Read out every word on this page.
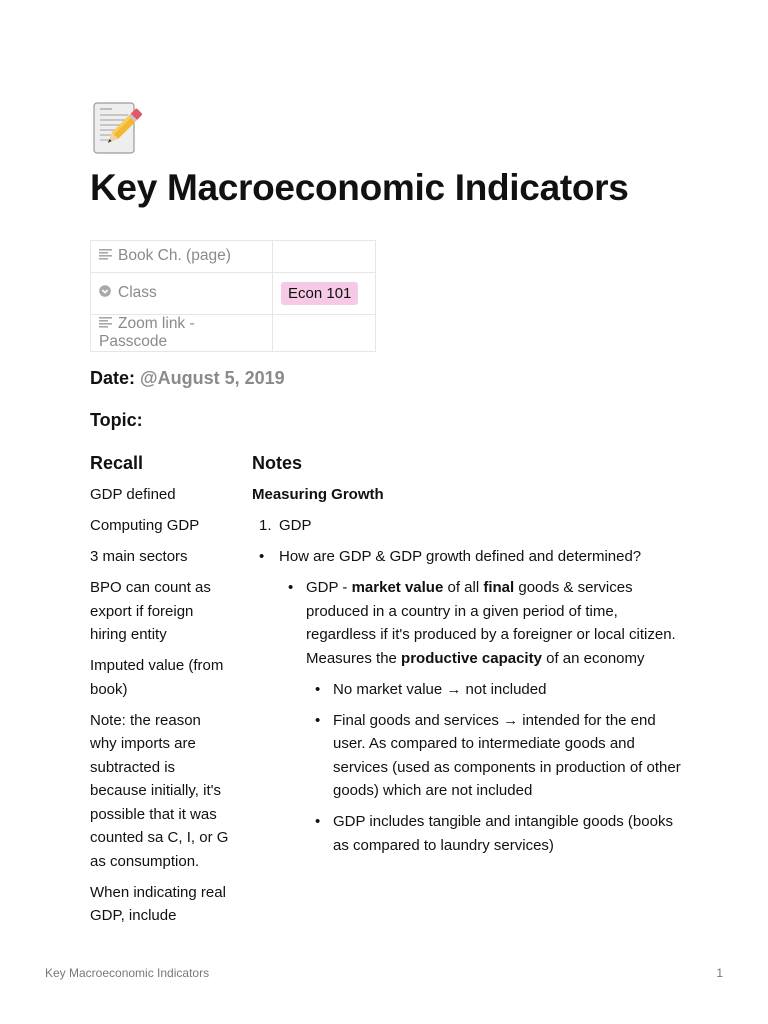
Key Macroeconomic Indicators
Book Ch. (page)	
Class	Econ 101
Zoom link - Passcode	
Date: @August 5, 2019
Topic:
Recall
GDP defined
Computing GDP
3 main sectors
BPO can count as export if foreign hiring entity
Imputed value (from book)
Note: the reason why imports are subtracted is because initially, it's possible that it was counted sa C, I, or G as consumption.
When indicating real GDP, include
Notes
Measuring Growth
1. GDP
• How are GDP & GDP growth defined and determined?
• GDP - market value of all final goods & services produced in a country in a given period of time, regardless if it's produced by a foreigner or local citizen. Measures the productive capacity of an economy
• No market value → not included
• Final goods and services → intended for the end user. As compared to intermediate goods and services (used as components in production of other goods) which are not included
• GDP includes tangible and intangible goods (books as compared to laundry services)
Key Macroeconomic Indicators	1
